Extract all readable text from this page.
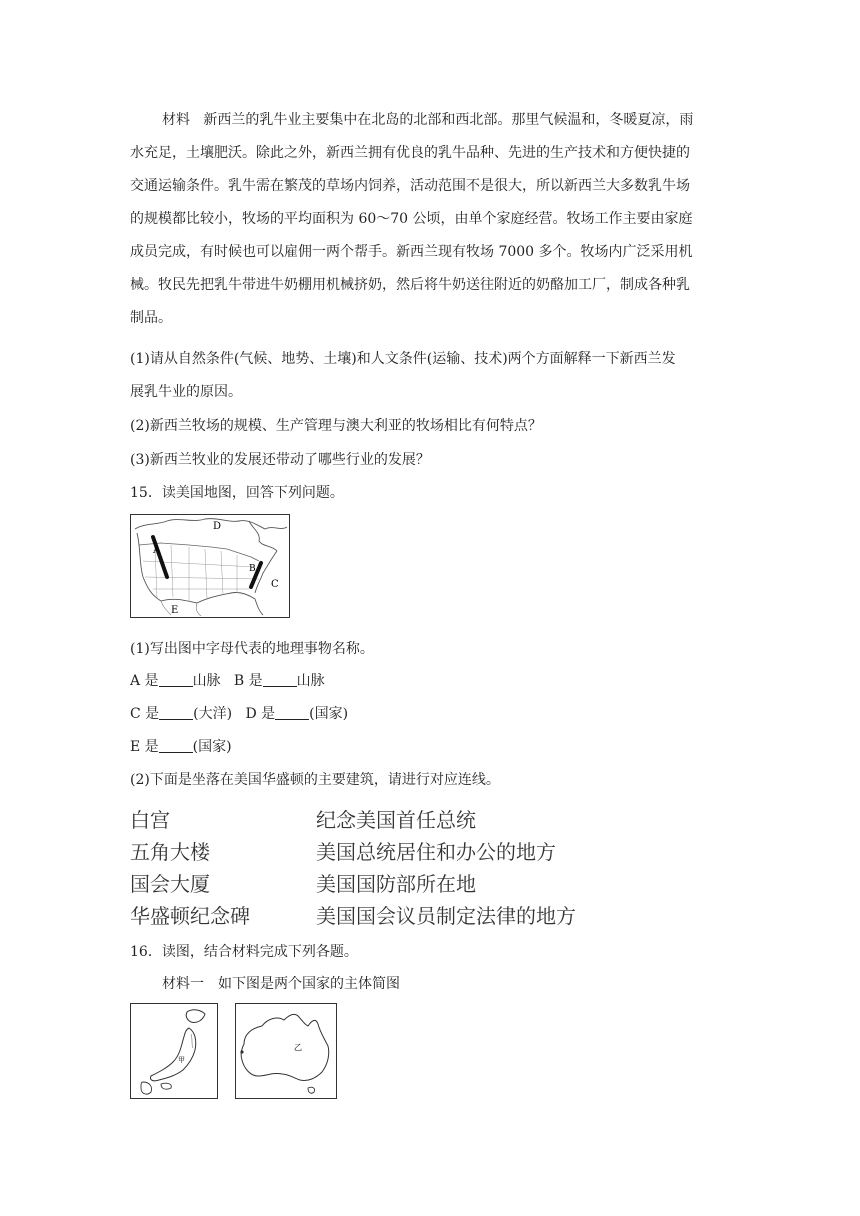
材料 新西兰的乳牛业主要集中在北岛的北部和西北部。那里气候温和，冬暖夏凉，雨
水充足，土壤肥沃。除此之外，新西兰拥有优良的乳牛品种、先进的生产技术和方便快捷的
交通运输条件。乳牛需在繁茂的草场内饲养，活动范围不是很大，所以新西兰大多数乳牛场
的规模都比较小，牧场的平均面积为 60～70 公顷，由单个家庭经营。牧场工作主要由家庭
成员完成，有时候也可以雇佣一两个帮手。新西兰现有牧场 7000 多个。牧场内广泛采用机
械。牧民先把乳牛带进牛奶棚用机械挤奶，然后将牛奶送往附近的奶酪加工厂，制成各种乳
制品。
(1)请从自然条件(气候、地势、土壤)和人文条件(运输、技术)两个方面解释一下新西兰发
展乳牛业的原因。
(2)新西兰牧场的规模、生产管理与澳大利亚的牧场相比有何特点？
(3)新西兰牧业的发展还带动了哪些行业的发展？
15．读美国地图，回答下列问题。
A
D
B
C
E
(1)写出图中字母代表的地理事物名称。
A 是 山脉 B 是 山脉
C 是 (大洋) D 是 (国家)
E 是 (国家)
(2)下面是坐落在美国华盛顿的主要建筑，请进行对应连线。
白宫
五角大楼
国会大厦
华盛顿纪念碑
纪念美国首任总统
美国总统居住和办公的地方
美国国防部所在地
美国国会议员制定法律的地方
16．读图，结合材料完成下列各题。
材料一　如下图是两个国家的主体简图
甲
乙
